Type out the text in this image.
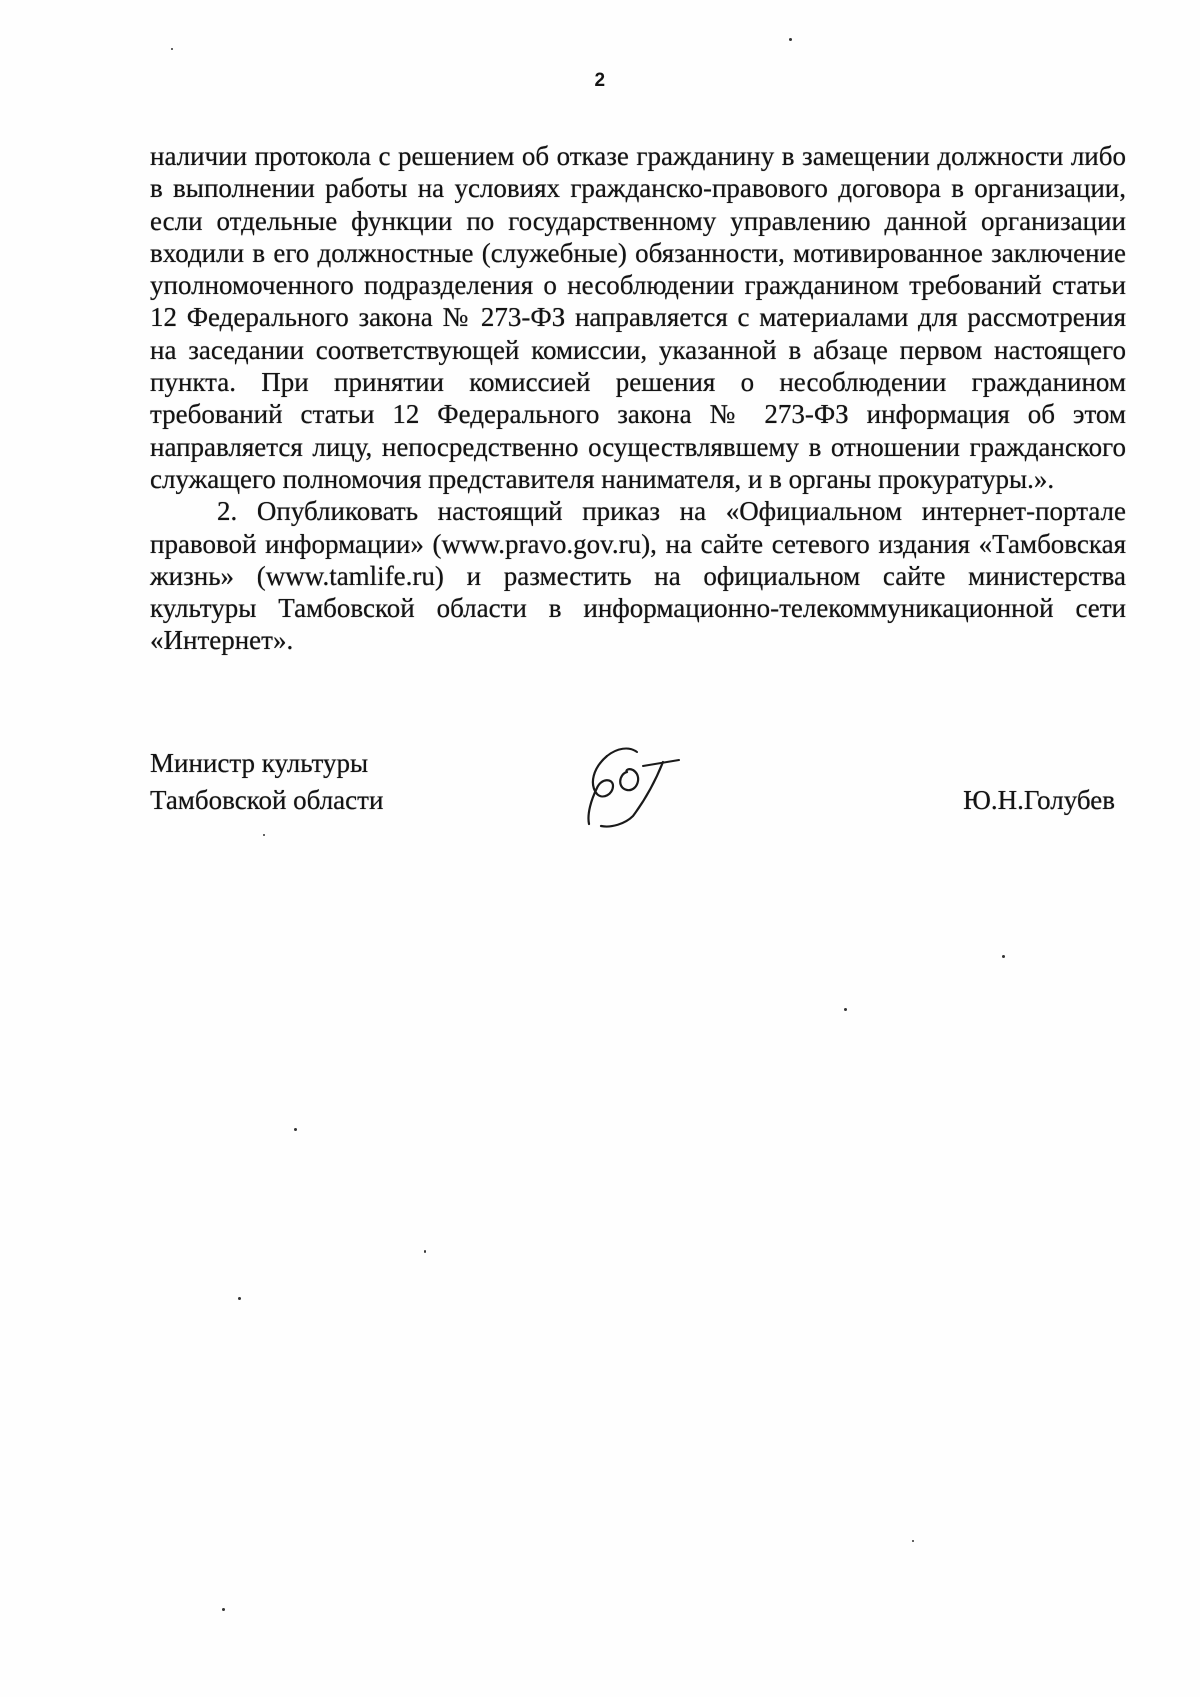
2

наличии протокола с решением об отказе гражданину в замещении должности либо в выполнении работы на условиях гражданско-правового договора в организации, если отдельные функции по государственному управлению данной организации входили в его должностные (служебные) обязанности, мотивированное заключение уполномоченного подразделения о несоблюдении гражданином требований статьи 12 Федерального закона № 273-ФЗ направляется с материалами для рассмотрения на заседании соответствующей комиссии, указанной в абзаце первом настоящего пункта. При принятии комиссией решения о несоблюдении гражданином требований статьи 12 Федерального закона № 273-ФЗ информация об этом направляется лицу, непосредственно осуществлявшему в отношении гражданского служащего полномочия представителя нанимателя, и в органы прокуратуры.».

2. Опубликовать настоящий приказ на «Официальном интернет-портале правовой информации» (www.pravo.gov.ru), на сайте сетевого издания «Тамбовская жизнь» (www.tamlife.ru) и разместить на официальном сайте министерства культуры Тамбовской области в информационно-телекоммуникационной сети «Интернет».

Министр культуры
Тамбовской области	Ю.Н.Голубев
